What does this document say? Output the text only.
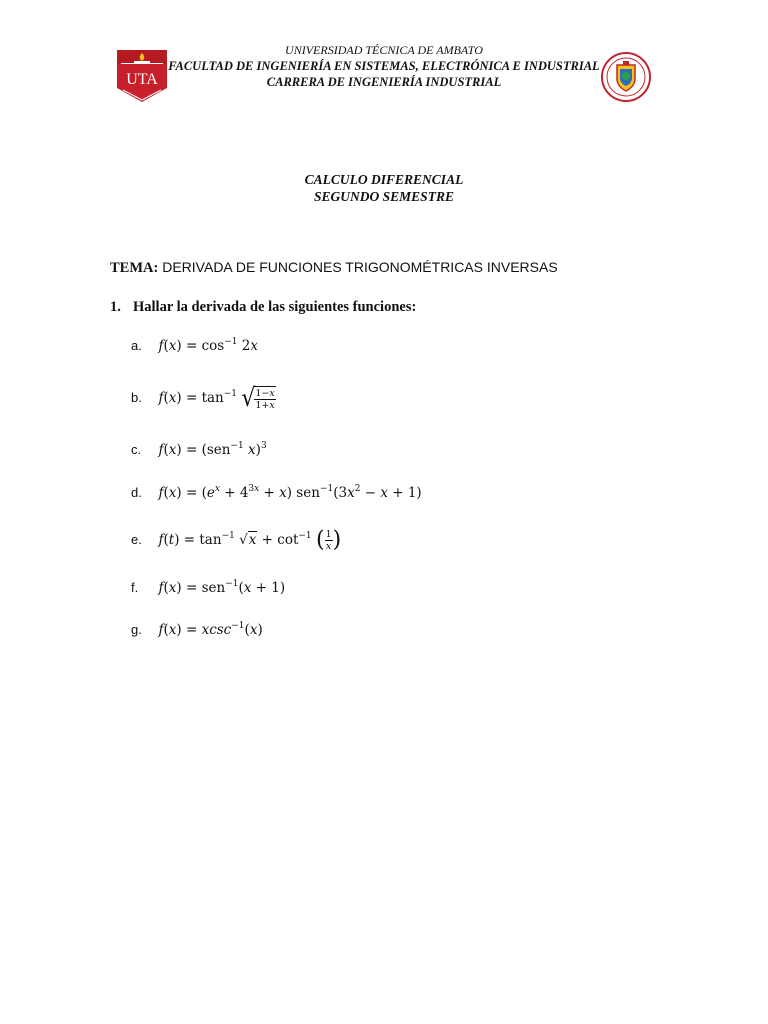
UTA
UNIVERSIDAD TÉCNICA DE AMBATO
FACULTAD DE INGENIERÍA EN SISTEMAS, ELECTRÓNICA E INDUSTRIAL
CARRERA DE INGENIERÍA INDUSTRIAL
CALCULO DIFERENCIAL
SEGUNDO SEMESTRE
TEMA: DERIVADA DE FUNCIONES TRIGONOMÉTRICAS INVERSAS
1. Hallar la derivada de las siguientes funciones:
a. $f(x) = \cos^{-1} 2x$
b. $f(x) = \tan^{-1}$ √ $\frac{1-x}{1+x}$
c. f(x) = (sen$^{-1}$ x)$^3$
d. $f(x) = (e^x + 4^{3x} + x) sen^{-1}(3x^2 - x + 1)$
e. $f(t) = \tan^{-1} √x + \cot^{-1}$ ( $\frac{1}{x}$ )
f. f(x) = sen$^{-1}$(x + 1)
g. f(x) = xcsc$^{-1}$(x)
